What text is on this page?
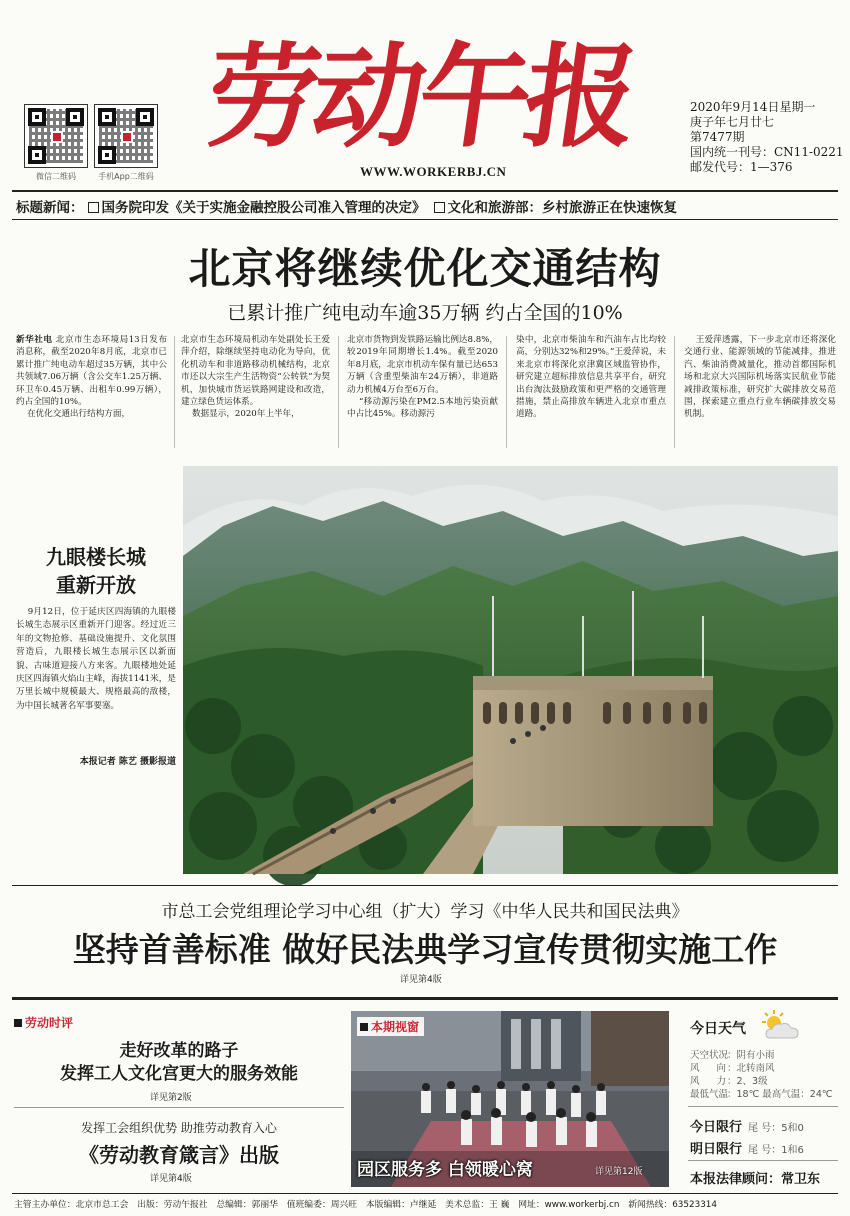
微信二维码	手机App二维码
劳动午报
WWW.WORKERBJ.CN
2020年9月14日星期一
庚子年七月廿七
第7477期
国内统一刊号：CN11-0221
邮发代号：1—376
标题新闻： 国务院印发《关于实施金融控股公司准入管理的决定》 文化和旅游部：乡村旅游正在快速恢复
北京将继续优化交通结构
已累计推广纯电动车逾35万辆 约占全国的10%
新华社电 北京市生态环境局13日发布消息称，截至2020年8月底，北京市已累计推广纯电动车超过35万辆，其中公共领域7.06万辆（含公交车1.25万辆、环卫车0.45万辆、出租车0.99万辆），约占全国的10%。
在优化交通出行结构方面，
北京市生态环境局机动车处副处长王爱萍介绍，除继续坚持电动化为导向，优化机动车和非道路移动机械结构，北京市还以大宗生产生活物资“公转铁”为契机，加快城市货运铁路网建设和改造，建立绿色货运体系。
数据显示，2020年上半年，
北京市货物到发铁路运输比例达8.8%，较2019年同期增长1.4%。截至2020年8月底，北京市机动车保有量已达653万辆（含重型柴油车24万辆），非道路动力机械4万台至6万台。
“移动源污染在PM2.5本地污染贡献中占比45%。移动源污
染中，北京市柴油车和汽油车占比均较高，分别达32%和29%。”王爱萍说，未来北京市将深化京津冀区域监管协作，研究建立超标排放信息共享平台，研究出台淘汰鼓励政策和更严格的交通管理措施，禁止高排放车辆进入北京市重点道路。
王爱萍透露，下一步北京市还将深化交通行业、能源领域的节能减排，推进汽、柴油消费减量化，推动首都国际机场和北京大兴国际机场落实民航业节能减排政策标准，研究扩大碳排放交易范围，探索建立重点行业车辆碳排放交易机制。
九眼楼长城
重新开放
9月12日，位于延庆区四海镇的九眼楼长城生态展示区重新开门迎客。经过近三年的文物抢修、基础设施提升、文化氛围营造后，九眼楼长城生态展示区以新面貌、古味道迎接八方来客。九眼楼地处延庆区四海镇火焰山主峰，海拔1141米，是万里长城中规模最大、规格最高的敌楼，为中国长城著名军事要塞。
本报记者 陈艺 摄影报道
市总工会党组理论学习中心组（扩大）学习《中华人民共和国民法典》
坚持首善标准 做好民法典学习宣传贯彻实施工作
详见第4版
劳动时评
走好改革的路子
发挥工人文化宫更大的服务效能
详见第2版
发挥工会组织优势 助推劳动教育入心
《劳动教育箴言》出版
详见第4版
本期视窗
园区服务多 白领暖心窝	详见第12版
今日天气
天空状况：阴有小雨
风向：北转南风
风力：2、3级
最低气温：18℃ 最高气温：24℃
今日限行 尾 号：5和0
明日限行 尾 号：1和6
本报法律顾问：常卫东
主管主办单位：北京市总工会　出版：劳动午报社　总编辑：郭丽华　值班编委：周兴旺　本版编辑：卢继延　美术总监：王 巍　网址：www.workerbj.cn　新闻热线：63523314
